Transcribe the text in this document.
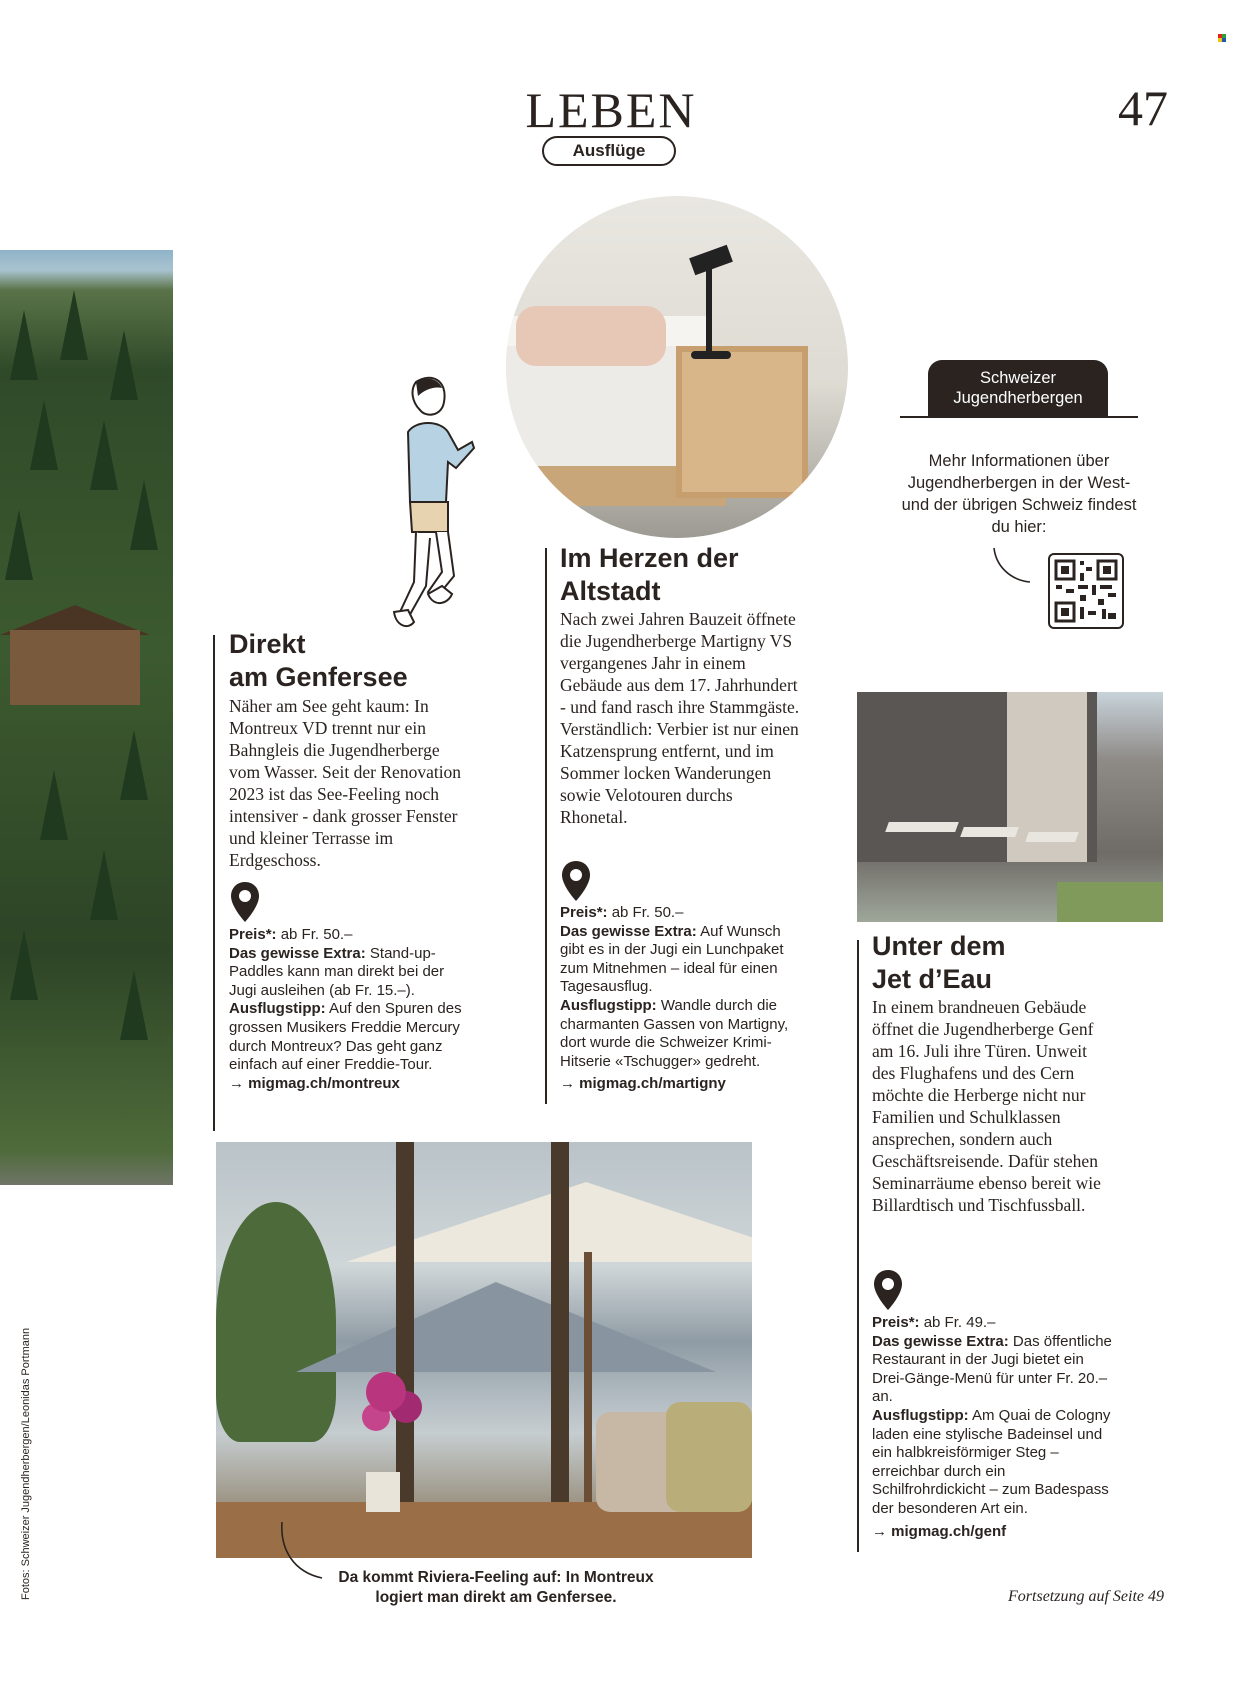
LEBEN
Ausflüge
47
Direkt
am Genfersee
Näher am See geht kaum: In Montreux VD trennt nur ein Bahngleis die Jugendherberge vom Wasser. Seit der Renovation 2023 ist das See-Feeling noch intensiver - dank grosser Fenster und kleiner Terrasse im Erdgeschoss.
Preis*: ab Fr. 50.–
Das gewisse Extra: Stand-up-Paddles kann man direkt bei der Jugi ausleihen (ab Fr. 15.–).
Ausflugstipp: Auf den Spuren des grossen Musikers Freddie Mercury durch Montreux? Das geht ganz einfach auf einer Freddie-Tour.
→ migmag.ch/montreux
Im Herzen der
Altstadt
Nach zwei Jahren Bauzeit öffnete die Jugendherberge Martigny VS vergangenes Jahr in einem Gebäude aus dem 17. Jahrhundert - und fand rasch ihre Stammgäste. Verständlich: Verbier ist nur einen Katzensprung entfernt, und im Sommer locken Wanderungen sowie Velotouren durchs Rhonetal.
Preis*: ab Fr. 50.–
Das gewisse Extra: Auf Wunsch gibt es in der Jugi ein Lunchpaket zum Mitnehmen – ideal für einen Tagesausflug.
Ausflugstipp: Wandle durch die charmanten Gassen von Martigny, dort wurde die Schweizer Krimi-Hitserie «Tschugger» gedreht.
→ migmag.ch/martigny
Schweizer
Jugendherbergen
Mehr Informationen über Jugendherbergen in der West- und der übrigen Schweiz findest du hier:
Unter dem
Jet d’Eau
In einem brandneuen Gebäude öffnet die Jugendherberge Genf am 16. Juli ihre Türen. Unweit des Flughafens und des Cern möchte die Herberge nicht nur Familien und Schulklassen ansprechen, sondern auch Geschäftsreisende. Dafür stehen Seminarräume ebenso bereit wie Billardtisch und Tischfussball.
Preis*: ab Fr. 49.–
Das gewisse Extra: Das öffentliche Restaurant in der Jugi bietet ein Drei-Gänge-Menü für unter Fr. 20.– an.
Ausflugstipp: Am Quai de Cologny laden eine stylische Badeinsel und ein halbkreisförmiger Steg – erreichbar durch ein Schilfrohrdickicht – zum Badespass der besonderen Art ein.
→ migmag.ch/genf
Da kommt Riviera-Feeling auf: In Montreux logiert man direkt am Genfersee.
Fotos: Schweizer Jugendherbergen/Leonidas Portmann	Fortsetzung auf Seite 49
